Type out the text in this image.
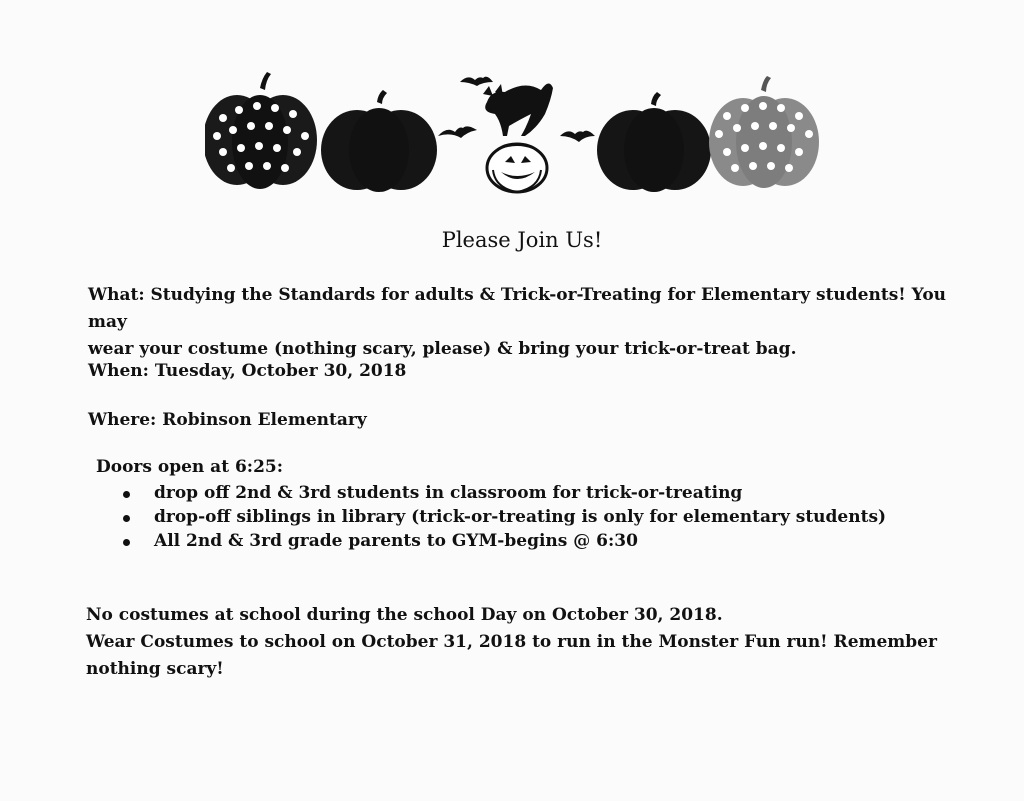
Please Join Us!
What: Studying the Standards for adults & Trick-or-Treating for Elementary students! You may
wear your costume (nothing scary, please) & bring your trick-or-treat bag.
When: Tuesday, October 30, 2018
Where: Robinson Elementary
Doors open at 6:25:
drop off 2nd & 3rd students in classroom for trick-or-treating
drop-off siblings in library (trick-or-treating is only for elementary students)
All 2nd & 3rd grade parents to GYM-begins @ 6:30
No costumes at school during the school Day on October 30, 2018.
Wear Costumes to school on October 31, 2018 to run in the Monster Fun run! Remember
nothing scary!
